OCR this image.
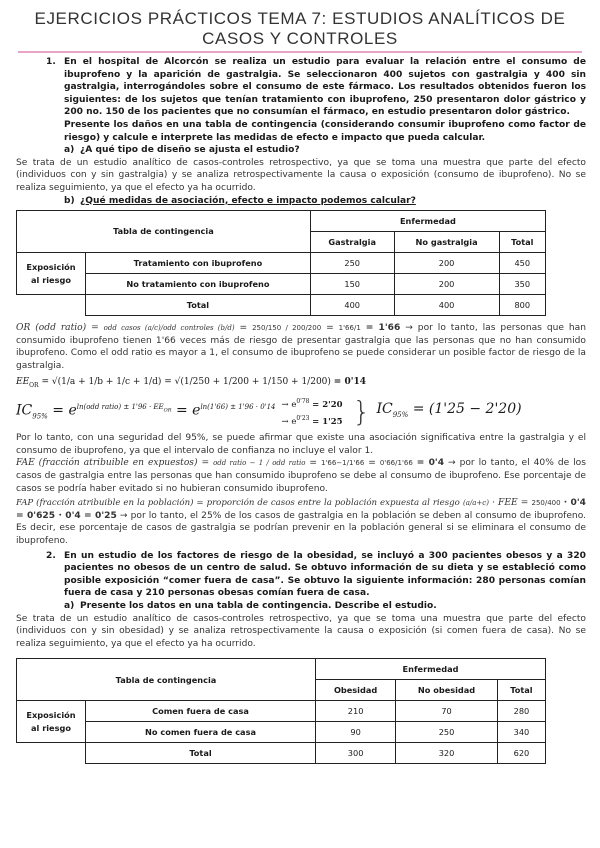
EJERCICIOS PRÁCTICOS TEMA 7: ESTUDIOS ANALÍTICOS DE CASOS Y CONTROLES
1. En el hospital de Alcorcón se realiza un estudio para evaluar la relación entre el consumo de ibuprofeno y la aparición de gastralgia. Se seleccionaron 400 sujetos con gastralgia y 400 sin gastralgia, interrogándoles sobre el consumo de este fármaco. Los resultados obtenidos fueron los siguientes: de los sujetos que tenían tratamiento con ibuprofeno, 250 presentaron dolor gástrico y 200 no. 150 de los pacientes que no consumían el fármaco, en estudio presentaron dolor gástrico.
Presente los daños en una tabla de contingencia (considerando consumir ibuprofeno como factor de riesgo) y calcule e interprete las medidas de efecto e impacto que pueda calcular.
a) ¿A qué tipo de diseño se ajusta el estudio?
Se trata de un estudio analítico de casos-controles retrospectivo, ya que se toma una muestra que parte del efecto (individuos con y sin gastralgia) y se analiza retrospectivamente la causa o exposición (consumo de ibuprofeno). No se realiza seguimiento, ya que el efecto ya ha ocurrido.
b) ¿Qué medidas de asociación, efecto e impacto podemos calcular?
Tabla de contingencia		Enfermedad		
		Gastralgia	No gastralgia	Total
Exposición al riesgo	Tratamiento con ibuprofeno	250	200	450
	No tratamiento con ibuprofeno	150	200	350
	Total	400	400	800
OR (odd ratio) = odd casos (a/c)/odd controles (b/d) = 250/150 / 200/200 = 1'66/1 = 1'66 → por lo tanto, las personas que han consumido ibuprofeno tienen 1'66 veces más de riesgo de presentar gastralgia que las personas que no han consumido ibuprofeno. Como el odd ratio es mayor a 1, el consumo de ibuprofeno se puede considerar un posible factor de riesgo de la gastralgia.
$EE_{OR} = √(1/a + 1/b + 1/c + 1/d) = √(1/250 + 1/200 + 1/150 + 1/200) = 0'14$
$IC_{95\%} = e^{ln(odd ratio) \pm 1'96 \cdot EE_{OR}} = e^{ln(1'66) \pm 1'96 \cdot 0'14} \to e^{0'78} = 2'20$
→ $e^{0'23} = 1'25$ } $IC_{95\%} = (1'25 - 2'20)$
Por lo tanto, con una seguridad del 95%, se puede afirmar que existe una asociación significativa entre la gastralgia y el consumo de ibuprofeno, ya que el intervalo de confianza no incluye el valor 1.
FAE (fracción atribuible en expuestos) = odd ratio − 1 / odd ratio = 1'66−1/1'66 = 0'66/1'66 = 0'4 → por lo tanto, el 40% de los casos de gastralgia entre las personas que han consumido ibuprofeno se debe al consumo de ibuprofeno. Ese porcentaje de casos se podría haber evitado si no hubieran consumido ibuprofeno.
FAP (fracción atribuible en la población) = proporción de casos entre la población expuesta al riesgo (a/a+c) · FEE = 250/400 · 0'4 = 0'625 · 0'4 = 0'25 → por lo tanto, el 25% de los casos de gastralgia en la población se deben al consumo de ibuprofeno. Es decir, ese porcentaje de casos de gastralgia se podrían prevenir en la población general si se eliminara el consumo de ibuprofeno.
2. En un estudio de los factores de riesgo de la obesidad, se incluyó a 300 pacientes obesos y a 320 pacientes no obesos de un centro de salud. Se obtuvo información de su dieta y se estableció como posible exposición “comer fuera de casa”. Se obtuvo la siguiente información: 280 personas comían fuera de casa y 210 personas obesas comían fuera de casa.
a) Presente los datos en una tabla de contingencia. Describe el estudio.
Se trata de un estudio analítico de casos-controles retrospectivo, ya que se toma una muestra que parte del efecto (individuos con y sin obesidad) y se analiza retrospectivamente la causa o exposición (si comen fuera de casa). No se realiza seguimiento, ya que el efecto ya ha ocurrido.
Tabla de contingencia		Enfermedad		
		Obesidad	No obesidad	Total
Exposición al riesgo	Comen fuera de casa	210	70	280
	No comen fuera de casa	90	250	340
	Total	300	320	620
